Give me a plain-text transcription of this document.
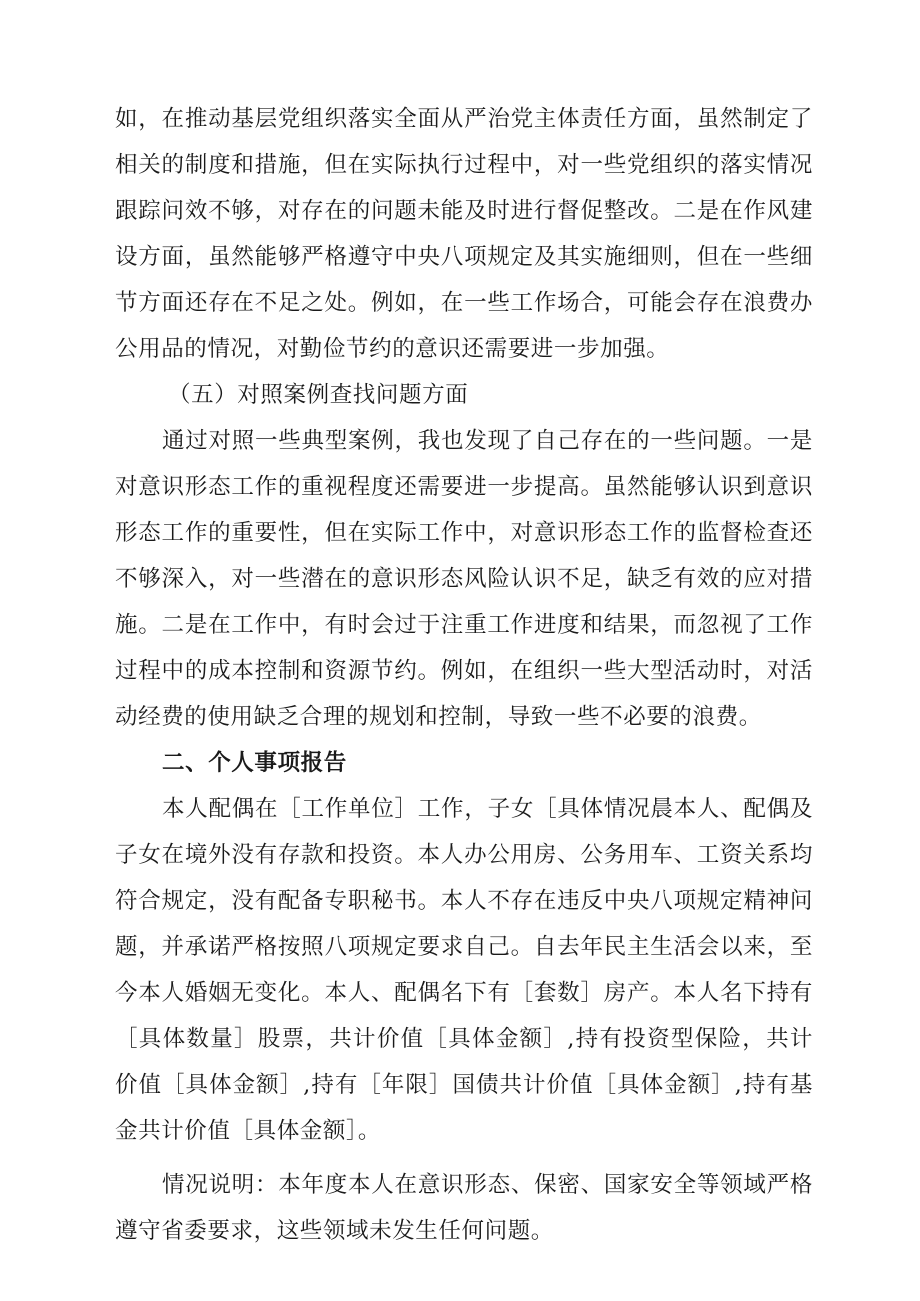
如，在推动基层党组织落实全面从严治党主体责任方面，虽然制定了相关的制度和措施，但在实际执行过程中，对一些党组织的落实情况跟踪问效不够，对存在的问题未能及时进行督促整改。二是在作风建设方面，虽然能够严格遵守中央八项规定及其实施细则，但在一些细节方面还存在不足之处。例如，在一些工作场合，可能会存在浪费办公用品的情况，对勤俭节约的意识还需要进一步加强。

（五）对照案例查找问题方面

通过对照一些典型案例，我也发现了自己存在的一些问题。一是对意识形态工作的重视程度还需要进一步提高。虽然能够认识到意识形态工作的重要性，但在实际工作中，对意识形态工作的监督检查还不够深入，对一些潜在的意识形态风险认识不足，缺乏有效的应对措施。二是在工作中，有时会过于注重工作进度和结果，而忽视了工作过程中的成本控制和资源节约。例如，在组织一些大型活动时，对活动经费的使用缺乏合理的规划和控制，导致一些不必要的浪费。

二、个人事项报告

本人配偶在［工作单位］工作，子女［具体情况晨本人、配偶及子女在境外没有存款和投资。本人办公用房、公务用车、工资关系均符合规定，没有配备专职秘书。本人不存在违反中央八项规定精神问题，并承诺严格按照八项规定要求自己。自去年民主生活会以来，至今本人婚姻无变化。本人、配偶名下有［套数］房产。本人名下持有［具体数量］股票，共计价值［具体金额］,持有投资型保险，共计价值［具体金额］,持有［年限］国债共计价值［具体金额］,持有基金共计价值［具体金额］。

情况说明：本年度本人在意识形态、保密、国家安全等领域严格遵守省委要求，这些领域未发生任何问题。
